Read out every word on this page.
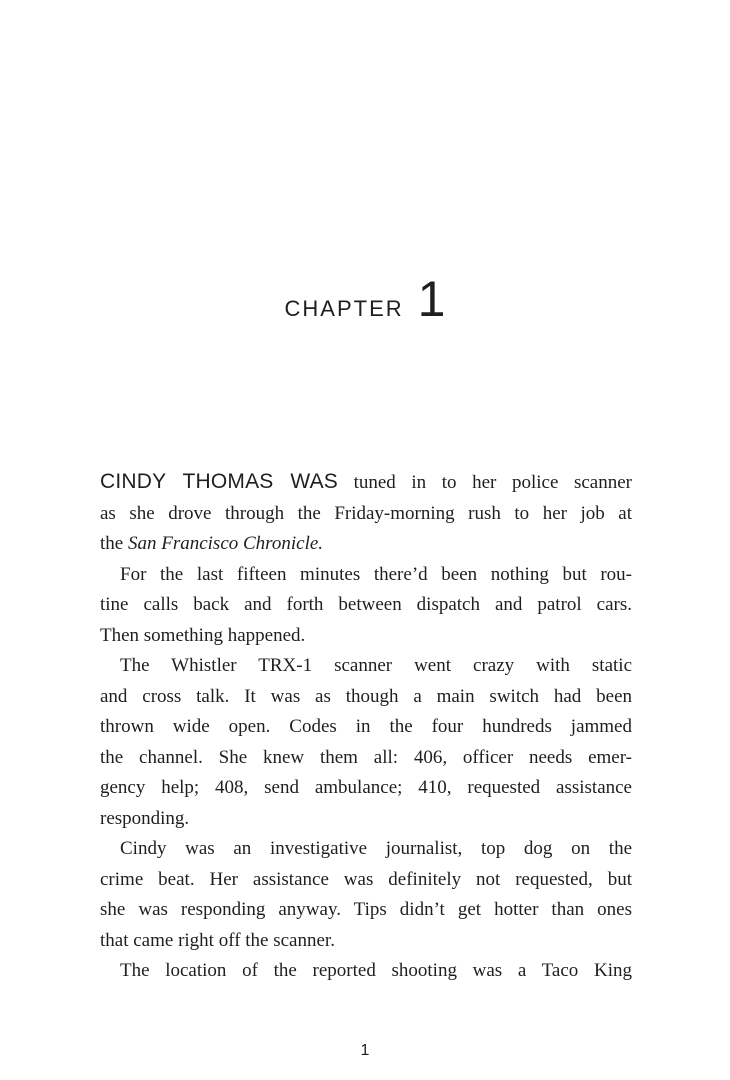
CHAPTER 1
CINDY THOMAS WAS tuned in to her police scanner
as she drove through the Friday-morning rush to her job at
the San Francisco Chronicle.
For the last fifteen minutes there’d been nothing but rou-
tine calls back and forth between dispatch and patrol cars.
Then something happened.
The Whistler TRX-1 scanner went crazy with static
and cross talk. It was as though a main switch had been
thrown wide open. Codes in the four hundreds jammed
the channel. She knew them all: 406, officer needs emer-
gency help; 408, send ambulance; 410, requested assistance
responding.
Cindy was an investigative journalist, top dog on the
crime beat. Her assistance was definitely not requested, but
she was responding anyway. Tips didn’t get hotter than ones
that came right off the scanner.
The location of the reported shooting was a Taco King
1
